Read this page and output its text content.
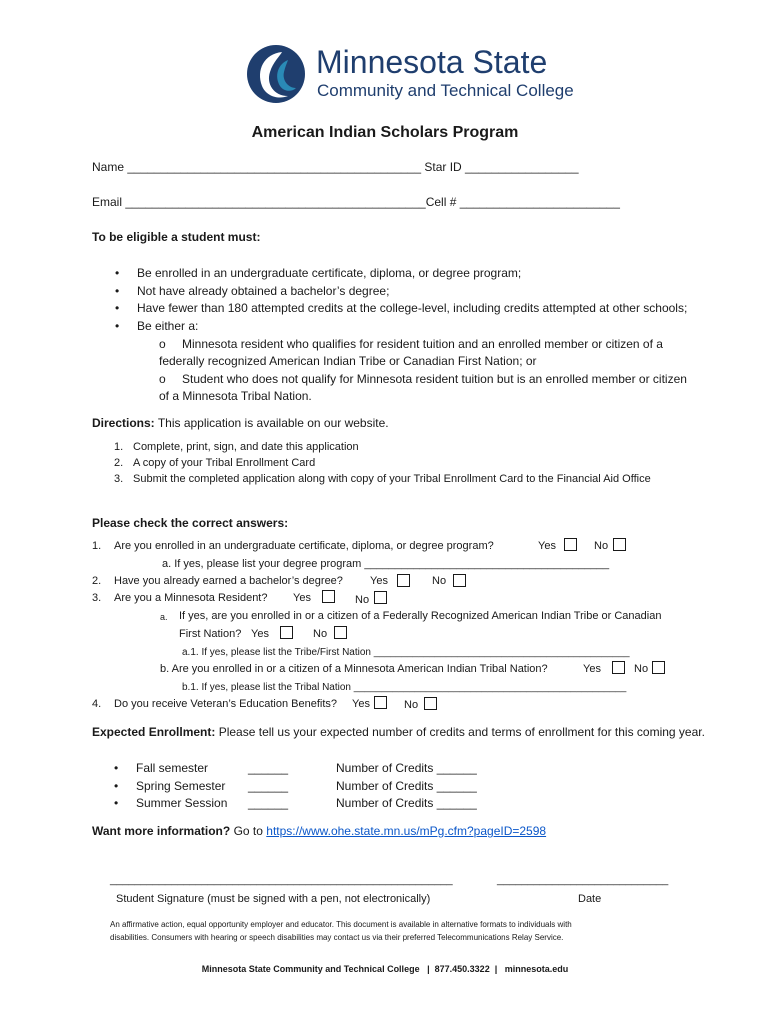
Minnesota State
Community and Technical College
American Indian Scholars Program
Name ____________________________________________ Star ID _________________
Email _____________________________________________Cell # ________________________
To be eligible a student must:
• Be enrolled in an undergraduate certificate, diploma, or degree program;
• Not have already obtained a bachelor’s degree;
• Have fewer than 180 attempted credits at the college-level, including credits attempted at other schools;
• Be either a:
o Minnesota resident who qualifies for resident tuition and an enrolled member or citizen of a
federally recognized American Indian Tribe or Canadian First Nation; or
o Student who does not qualify for Minnesota resident tuition but is an enrolled member or citizen
of a Minnesota Tribal Nation.
Directions: This application is available on our website.
1. Complete, print, sign, and date this application
2. A copy of your Tribal Enrollment Card
3. Submit the completed application along with copy of your Tribal Enrollment Card to the Financial Aid Office
Please check the correct answers:
1. Are you enrolled in an undergraduate certificate, diploma, or degree program?	Yes	No
a. If yes, please list your degree program ________________________________________
2. Have you already earned a bachelor’s degree? Yes	No
3. Are you a Minnesota Resident? Yes	No
a. If yes, are you enrolled in or a citizen of a Federally Recognized American Indian Tribe or Canadian
First Nation? Yes	No
a.1. If yes, please list the Tribe/First Nation ______________________________________________
b. Are you enrolled in or a citizen of a Minnesota American Indian Tribal Nation?	Yes	No
b.1. If yes, please list the Tribal Nation _________________________________________________
4. Do you receive Veteran’s Education Benefits? Yes	No
Expected Enrollment: Please tell us your expected number of credits and terms of enrollment for this coming year.
• Fall semester	______	Number of Credits ______
• Spring Semester ______	Number of Credits ______
• Summer Session ______	Number of Credits ______
Want more information? Go to https://www.ohe.state.mn.us/mPg.cfm?pageID=2598
________________________________________________________	____________________________
Student Signature (must be signed with a pen, not electronically)	Date
An affirmative action, equal opportunity employer and educator. This document is available in alternative formats to individuals with
disabilities. Consumers with hearing or speech disabilities may contact us via their preferred Telecommunications Relay Service.
Minnesota State Community and Technical College | 877.450.3322 | minnesota.edu
